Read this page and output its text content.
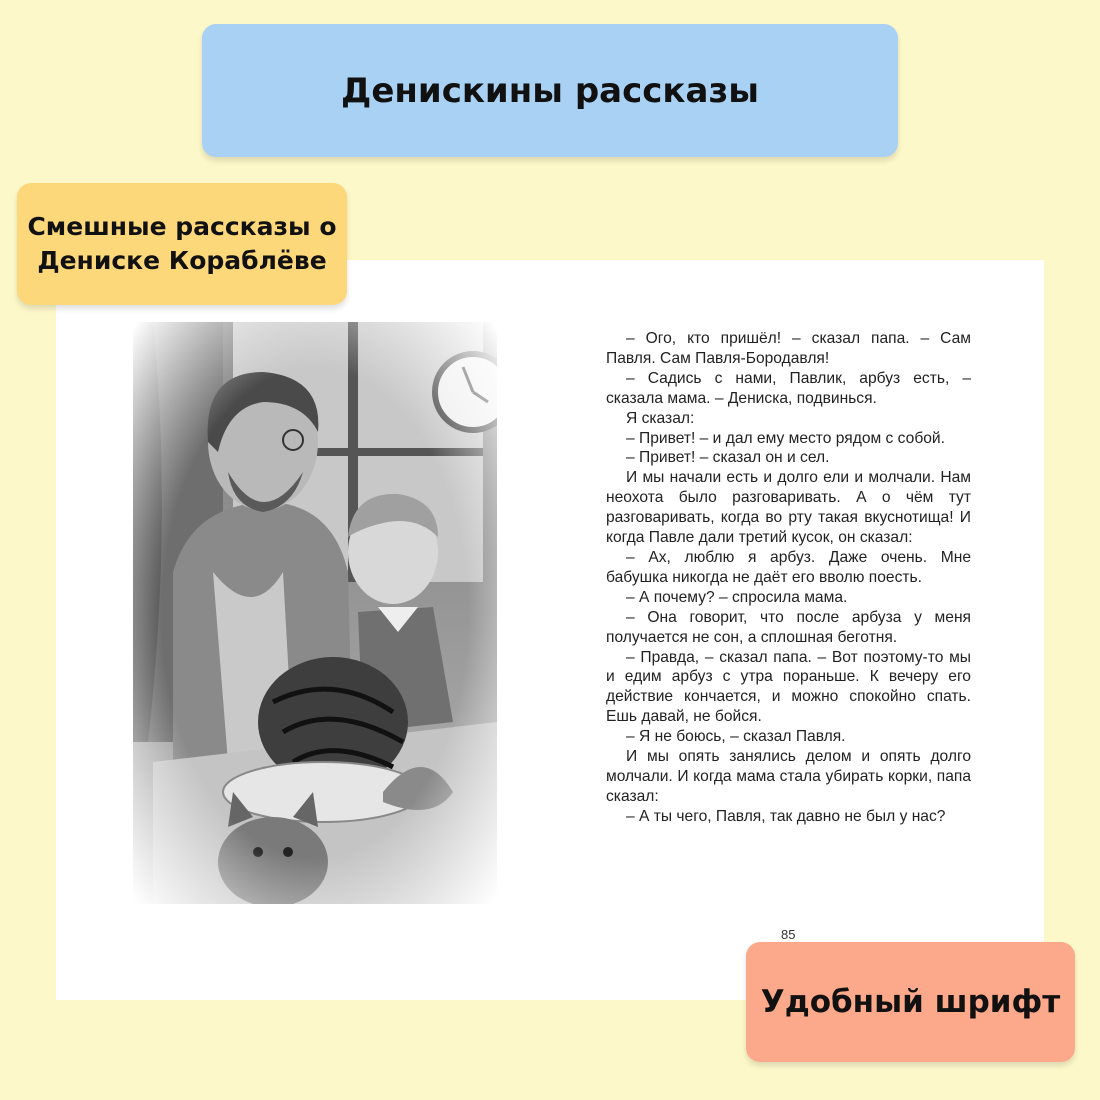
Денискины рассказы

– Ого, кто пришёл! – сказал папа. – Сам Павля. Сам Павля-Бородавля!

– Садись с нами, Павлик, арбуз есть, – сказала мама. – Дениска, подвинься.

Я сказал:

– Привет! – и дал ему место рядом с собой.

– Привет! – сказал он и сел.

И мы начали есть и долго ели и молчали. Нам неохота было разговаривать. А о чём тут разговаривать, когда во рту такая вкуснотища! И когда Павле дали третий кусок, он сказал:

– Ах, люблю я арбуз. Даже очень. Мне бабушка никогда не даёт его вволю поесть.

– А почему? – спросила мама.

– Она говорит, что после арбуза у меня получается не сон, а сплошная беготня.

– Правда, – сказал папа. – Вот поэтому-то мы и едим арбуз с утра пораньше. К вечеру его действие кончается, и можно спокойно спать. Ешь давай, не бойся.

– Я не боюсь, – сказал Павля.

И мы опять занялись делом и опять долго молчали. И когда мама стала убирать корки, папа сказал:

– А ты чего, Павля, так давно не был у нас?

85
Смешные рассказы о Дениске Кораблёве
Удобный шрифт
